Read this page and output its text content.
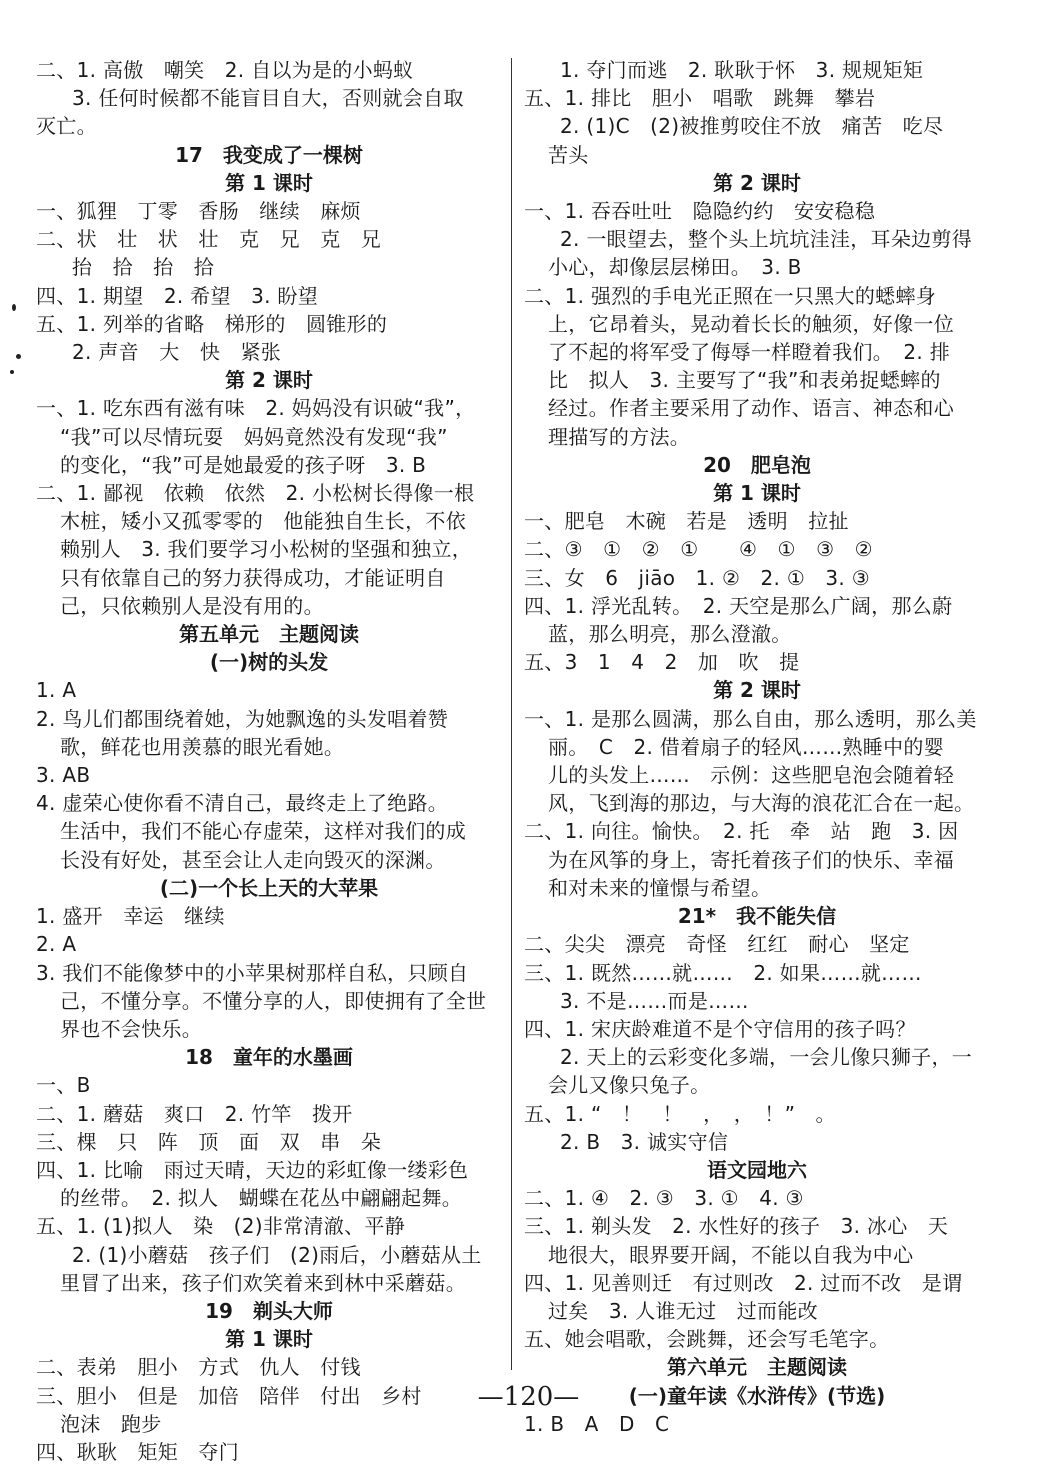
二、1. 高傲　嘲笑　2. 自以为是的小蚂蚁
3. 任何时候都不能盲目自大，否则就会自取
灭亡。
17　我变成了一棵树
第 1 课时
一、狐狸　丁零　香肠　继续　麻烦
二、状　壮　状　壮　克　兄　克　兄
抬　拾　抬　拾
四、1. 期望　2. 希望　3. 盼望
五、1. 列举的省略　梯形的　圆锥形的
2. 声音　大　快　紧张
第 2 课时
一、1. 吃东西有滋有味　2. 妈妈没有识破“我”，
“我”可以尽情玩耍　妈妈竟然没有发现“我”
的变化，“我”可是她最爱的孩子呀　3. B
二、1. 鄙视　依赖　依然　2. 小松树长得像一根
木桩，矮小又孤零零的　他能独自生长，不依
赖别人　3. 我们要学习小松树的坚强和独立，
只有依靠自己的努力获得成功，才能证明自
己，只依赖别人是没有用的。
第五单元　主题阅读
(一)树的头发
1. A
2. 鸟儿们都围绕着她，为她飘逸的头发唱着赞
歌，鲜花也用羡慕的眼光看她。
3. AB
4. 虚荣心使你看不清自己，最终走上了绝路。
生活中，我们不能心存虚荣，这样对我们的成
长没有好处，甚至会让人走向毁灭的深渊。
(二)一个长上天的大苹果
1. 盛开　幸运　继续
2. A
3. 我们不能像梦中的小苹果树那样自私，只顾自
己，不懂分享。不懂分享的人，即使拥有了全世
界也不会快乐。
18　童年的水墨画
一、B
二、1. 蘑菇　爽口　2. 竹竿　拨开
三、棵　只　阵　顶　面　双　串　朵
四、1. 比喻　雨过天晴，天边的彩虹像一缕彩色
的丝带。　2. 拟人　蝴蝶在花丛中翩翩起舞。
五、1. (1)拟人　染　(2)非常清澈、平静
2. (1)小蘑菇　孩子们　(2)雨后，小蘑菇从土
里冒了出来，孩子们欢笑着来到林中采蘑菇。
19　剃头大师
第 1 课时
二、表弟　胆小　方式　仇人　付钱
三、胆小　但是　加倍　陪伴　付出　乡村
泡沫　跑步
四、耿耿　矩矩　夺门
1. 夺门而逃　2. 耿耿于怀　3. 规规矩矩
五、1. 排比　胆小　唱歌　跳舞　攀岩
2. (1)C　(2)被推剪咬住不放　痛苦　吃尽
苦头
第 2 课时
一、1. 吞吞吐吐　隐隐约约　安安稳稳
2. 一眼望去，整个头上坑坑洼洼，耳朵边剪得
小心，却像层层梯田。　3. B
二、1. 强烈的手电光正照在一只黑大的蟋蟀身
上，它昂着头，晃动着长长的触须，好像一位
了不起的将军受了侮辱一样瞪着我们。　2. 排
比　拟人　3. 主要写了“我”和表弟捉蟋蟀的
经过。作者主要采用了动作、语言、神态和心
理描写的方法。
20　肥皂泡
第 1 课时
一、肥皂　木碗　若是　透明　拉扯
二、③　①　②　①　　④　①　③　②
三、女　6　jiāo　1. ②　2. ①　3. ③
四、1. 浮光乱转。　2. 天空是那么广阔，那么蔚
蓝，那么明亮，那么澄澈。
五、3　1　4　2　加　吹　提
第 2 课时
一、1. 是那么圆满，那么自由，那么透明，那么美
丽。　C　2. 借着扇子的轻风……熟睡中的婴
儿的头发上……　示例：这些肥皂泡会随着轻
风，飞到海的那边，与大海的浪花汇合在一起。
二、1. 向往。愉快。　2. 托　牵　站　跑　3. 因
为在风筝的身上，寄托着孩子们的快乐、幸福
和对未来的憧憬与希望。
21*　我不能失信
二、尖尖　漂亮　奇怪　红红　耐心　坚定
三、1. 既然……就……　2. 如果……就……
3. 不是……而是……
四、1. 宋庆龄难道不是个守信用的孩子吗？
2. 天上的云彩变化多端，一会儿像只狮子，一
会儿又像只兔子。
五、1. “　！　！　，　，　！”　。
2. B　3. 诚实守信
语文园地六
二、1. ④　2. ③　3. ①　4. ③
三、1. 剃头发　2. 水性好的孩子　3. 冰心　天
地很大，眼界要开阔，不能以自我为中心
四、1. 见善则迁　有过则改　2. 过而不改　是谓
过矣　3. 人谁无过　过而能改
五、她会唱歌，会跳舞，还会写毛笔字。
第六单元　主题阅读
(一)童年读《水浒传》(节选)
1. B　A　D　C
—120—
